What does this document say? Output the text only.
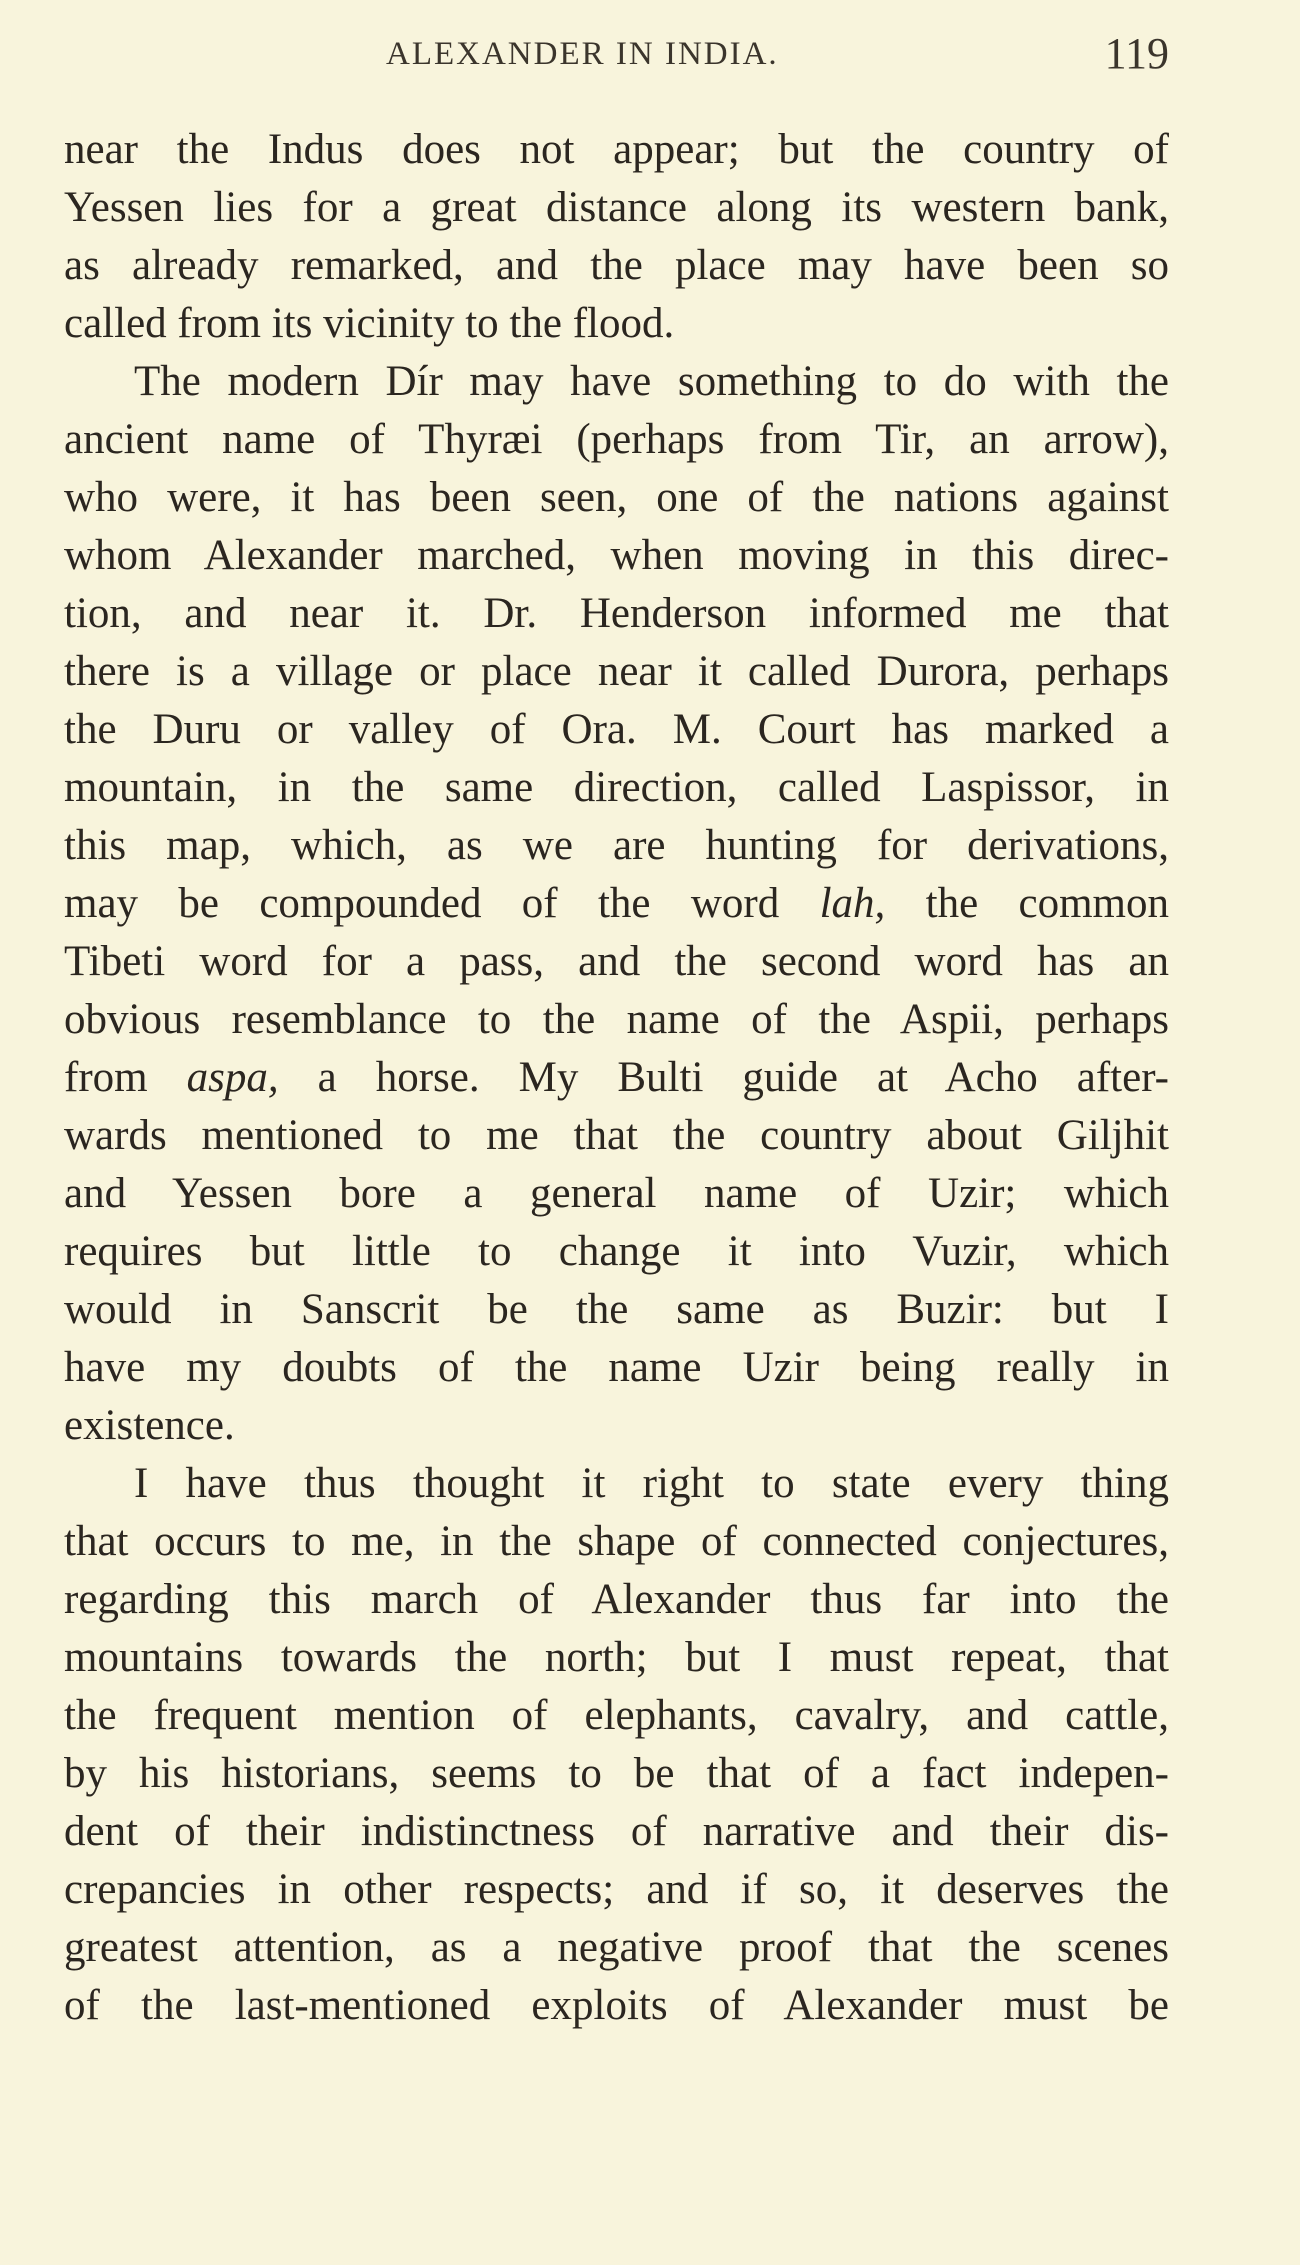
ALEXANDER IN INDIA.	119
near the Indus does not appear; but the country of
Yessen lies for a great distance along its western bank,
as already remarked, and the place may have been so
called from its vicinity to the flood.
The modern Dír may have something to do with the
ancient name of Thyræi (perhaps from Tir, an arrow),
who were, it has been seen, one of the nations against
whom Alexander marched, when moving in this direc-
tion, and near it. Dr. Henderson informed me that
there is a village or place near it called Durora, perhaps
the Duru or valley of Ora. M. Court has marked a
mountain, in the same direction, called Laspissor, in
this map, which, as we are hunting for derivations,
may be compounded of the word lah, the common
Tibeti word for a pass, and the second word has an
obvious resemblance to the name of the Aspii, perhaps
from aspa, a horse. My Bulti guide at Acho after-
wards mentioned to me that the country about Giljhit
and Yessen bore a general name of Uzir; which
requires but little to change it into Vuzir, which
would in Sanscrit be the same as Buzir: but I
have my doubts of the name Uzir being really in
existence.
I have thus thought it right to state every thing
that occurs to me, in the shape of connected conjectures,
regarding this march of Alexander thus far into the
mountains towards the north; but I must repeat, that
the frequent mention of elephants, cavalry, and cattle,
by his historians, seems to be that of a fact indepen-
dent of their indistinctness of narrative and their dis-
crepancies in other respects; and if so, it deserves the
greatest attention, as a negative proof that the scenes
of the last-mentioned exploits of Alexander must be
